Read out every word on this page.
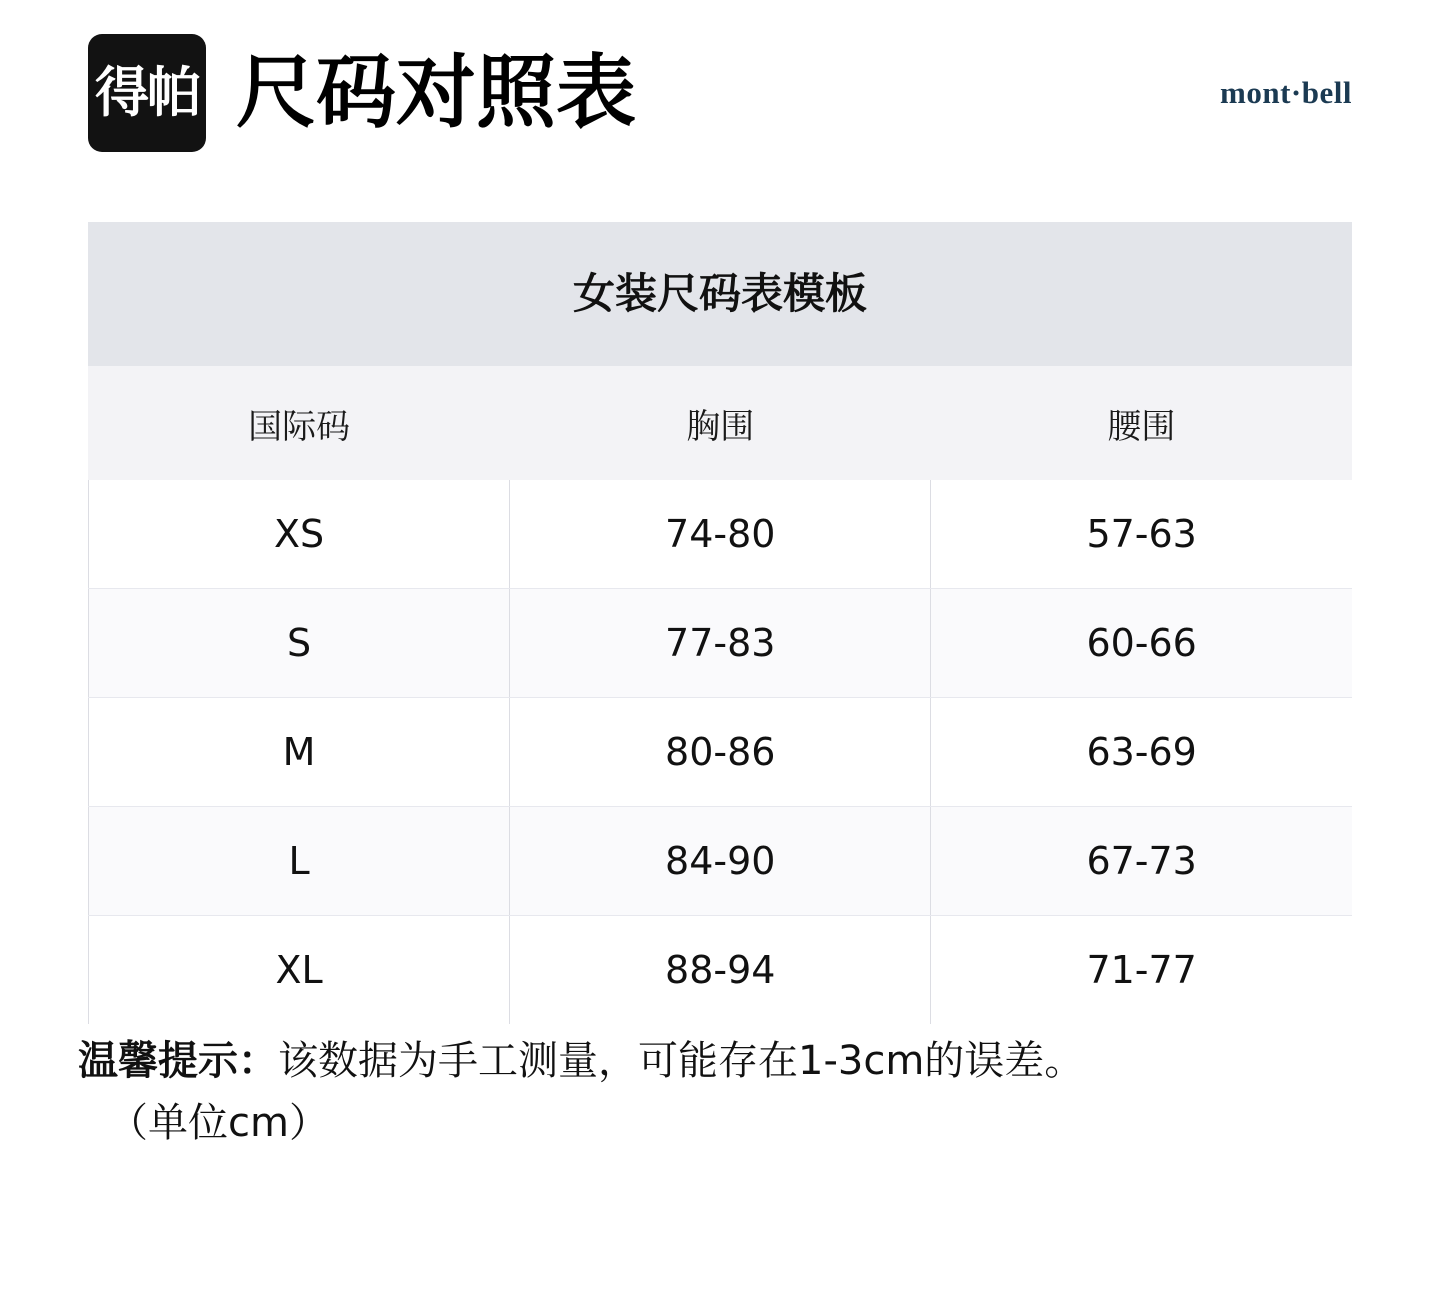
得帕 尺码对照表	mont·bell
女装尺码表模板
国际码	胸围	腰围
XS	74-80	57-63
S	77-83	60-66
M	80-86	63-69
L	84-90	67-73
XL	88-94	71-77
温馨提示：该数据为手工测量，可能存在1-3cm的误差。
（单位cm）
